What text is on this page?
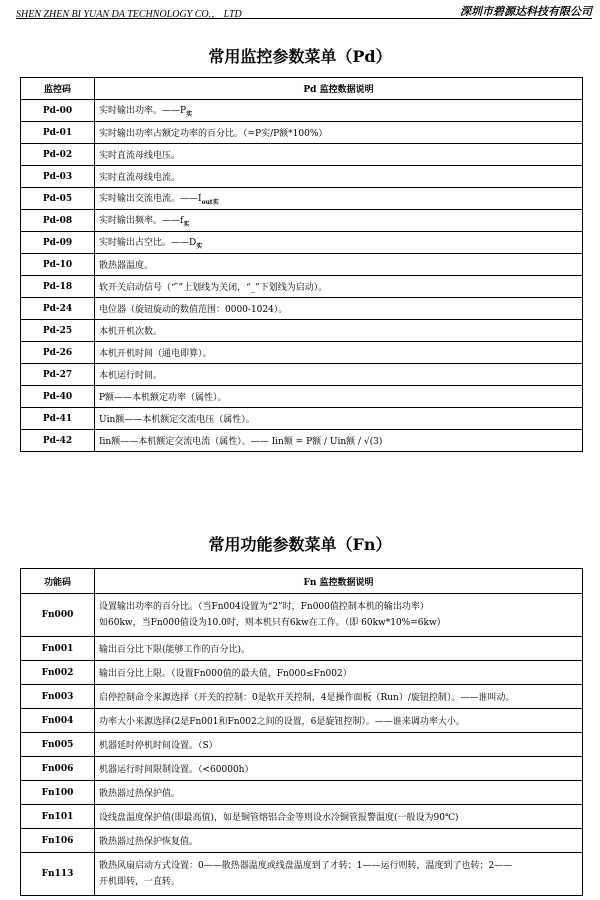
SHEN ZHEN BI YUAN DA TECHNOLOGY CO.， LTD	深圳市碧源达科技有限公司
常用监控参数菜单（Pd）
监控码	Pd 监控数据说明
Pd-00	实时输出功率。$——P_实$
Pd-01	实时输出功率占额定功率的百分比。（=P实/P额*100%）
Pd-02	实时直流母线电压。
Pd-03	实时直流母线电流。
Pd-05	实时输出交流电流。$——I_{out实}$
Pd-08	实时输出频率。$——f_实$
Pd-09	实时输出占空比。$——D_实$
Pd-10	散热器温度。
Pd-18	软开关启动信号（“ ̄”上划线为关闭，“_”下划线为启动）。
Pd-24	电位器（旋钮旋动的数值范围：0000-1024）。
Pd-25	本机开机次数。
Pd-26	本机开机时间（通电即算）。
Pd-27	本机运行时间。
Pd-40	P额——本机额定功率（属性）。
Pd-41	Uin额——本机额定交流电压（属性）。
Pd-42	Iin额——本机额定交流电流（属性）。—— Iin额 = P额 / Uin额 / √(3)
常用功能参数菜单（Fn）
功能码	Fn 监控数据说明
Fn000	设置输出功率的百分比。（当Fn004设置为“2”时，Fn000值控制本机的输出功率）
如60kw，当Fn000值设为10.0时，则本机只有6kw在工作。（即 60kw*10%=6kw）

Fn001	输出百分比下限(能够工作的百分比)。
Fn002	输出百分比上限。（设置Fn000值的最大值，Fn000≤Fn002）
Fn003	启停控制命令来源选择（开关的控制：0是软开关控制，4是操作面板（Run）/旋钮控制）。——谁叫动。
Fn004	功率大小来源选择(2是Fn001和Fn002之间的设置，6是旋钮控制）。——谁来调功率大小。
Fn005	机器延时停机时间设置。（S）
Fn006	机器运行时间限制设置。（<60000h）
Fn100	散热器过热保护值。
Fn101	设线盘温度保护值(即最高值)，如是铜管熔铝合金等则设水冷铜管报警温度(一般设为90℃)
Fn106	散热器过热保护恢复值。
Fn113	散热风扇启动方式设置：0——散热器温度或线盘温度到了才转；1——运行则转，温度到了也转；2——
开机即转，一直转。
